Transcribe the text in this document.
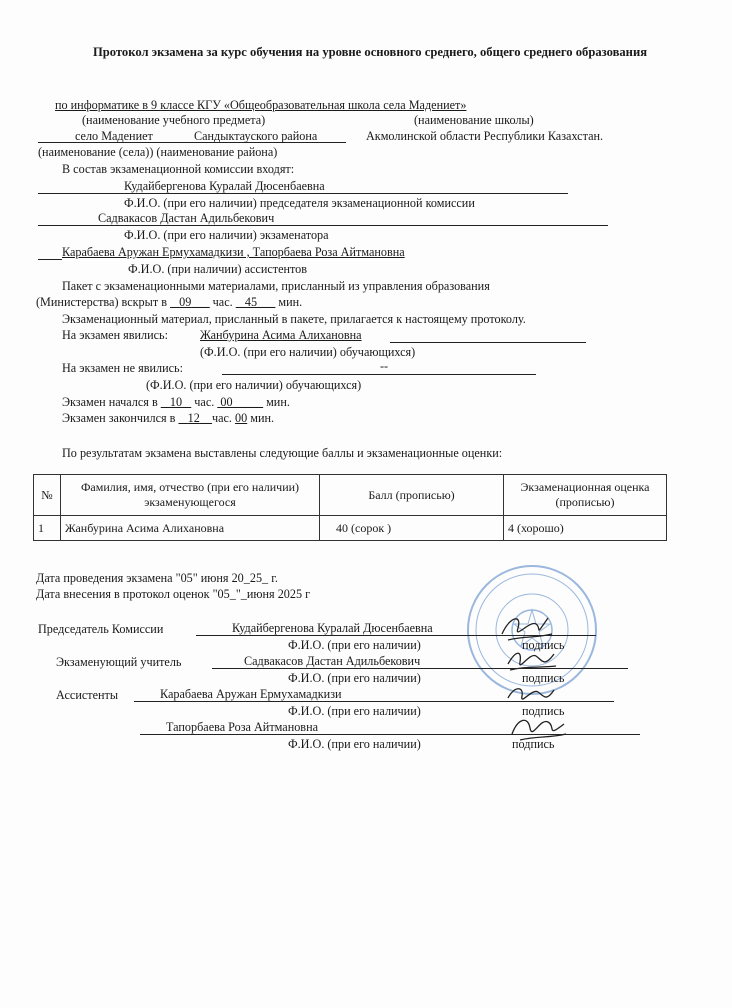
Протокол экзамена за курс обучения на уровне основного среднего, общего среднего образования
по информатике в 9 классе КГУ «Общеобразовательная школа села Мадениет»
(наименование учебного предмета)	(наименование школы)
село Мадениет	Сандыктауского района	Акмолинской области Республики Казахстан.
(наименование (села)) (наименование района)
В состав экзаменационной комиссии входят:
Кудайбергенова Куралай Дюсенбаевна
Ф.И.О. (при его наличии) председателя экзаменационной комиссии
Садвакасов Дастан Адильбекович
Ф.И.О. (при его наличии) экзаменатора
Карабаева Аружан Ермухамадкизи , Тапорбаева Роза Айтмановна
Ф.И.О. (при наличии) ассистентов
Пакет с экзаменационными материалами, присланный из управления образования
(Министерства) вскрыт в  _09___ час.  _45___ мин.
Экзаменационный материал, присланный в пакете, прилагается к настоящему протоколу.
На экзамен явились:	Жанбурина Асима Алихановна
(Ф.И.О. (при его наличии) обучающихся)
На экзамен не явились:	--
(Ф.И.О. (при его наличии) обучающихся)
Экзамен начался в  _10_  час. 00_____ мин.
Экзамен закончился в  _12__час. 00 мин.
По результатам экзамена выставлены следующие баллы и экзаменационные оценки:
№	Фамилия, имя, отчество (при его наличии) экзаменующегося	Балл (прописью)	Экзаменационная оценка (прописью)
1	Жанбурина Асима Алихановна	40 (сорок )	4 (хорошо)
Дата проведения экзамена "05" июня 20_25_ г.
Дата внесения в протокол оценок "05_"_июня 2025 г
Председатель Комиссии	Кудайбергенова Куралай Дюсенбаевна
Ф.И.О. (при его наличии)	подпись
Экзаменующий учитель	Садвакасов Дастан Адильбекович
Ф.И.О. (при его наличии)	подпись
Ассистенты	Карабаева Аружан Ермухамадкизи
Ф.И.О. (при его наличии)	подпись
Тапорбаева Роза Айтмановна
Ф.И.О. (при его наличии)	подпись
